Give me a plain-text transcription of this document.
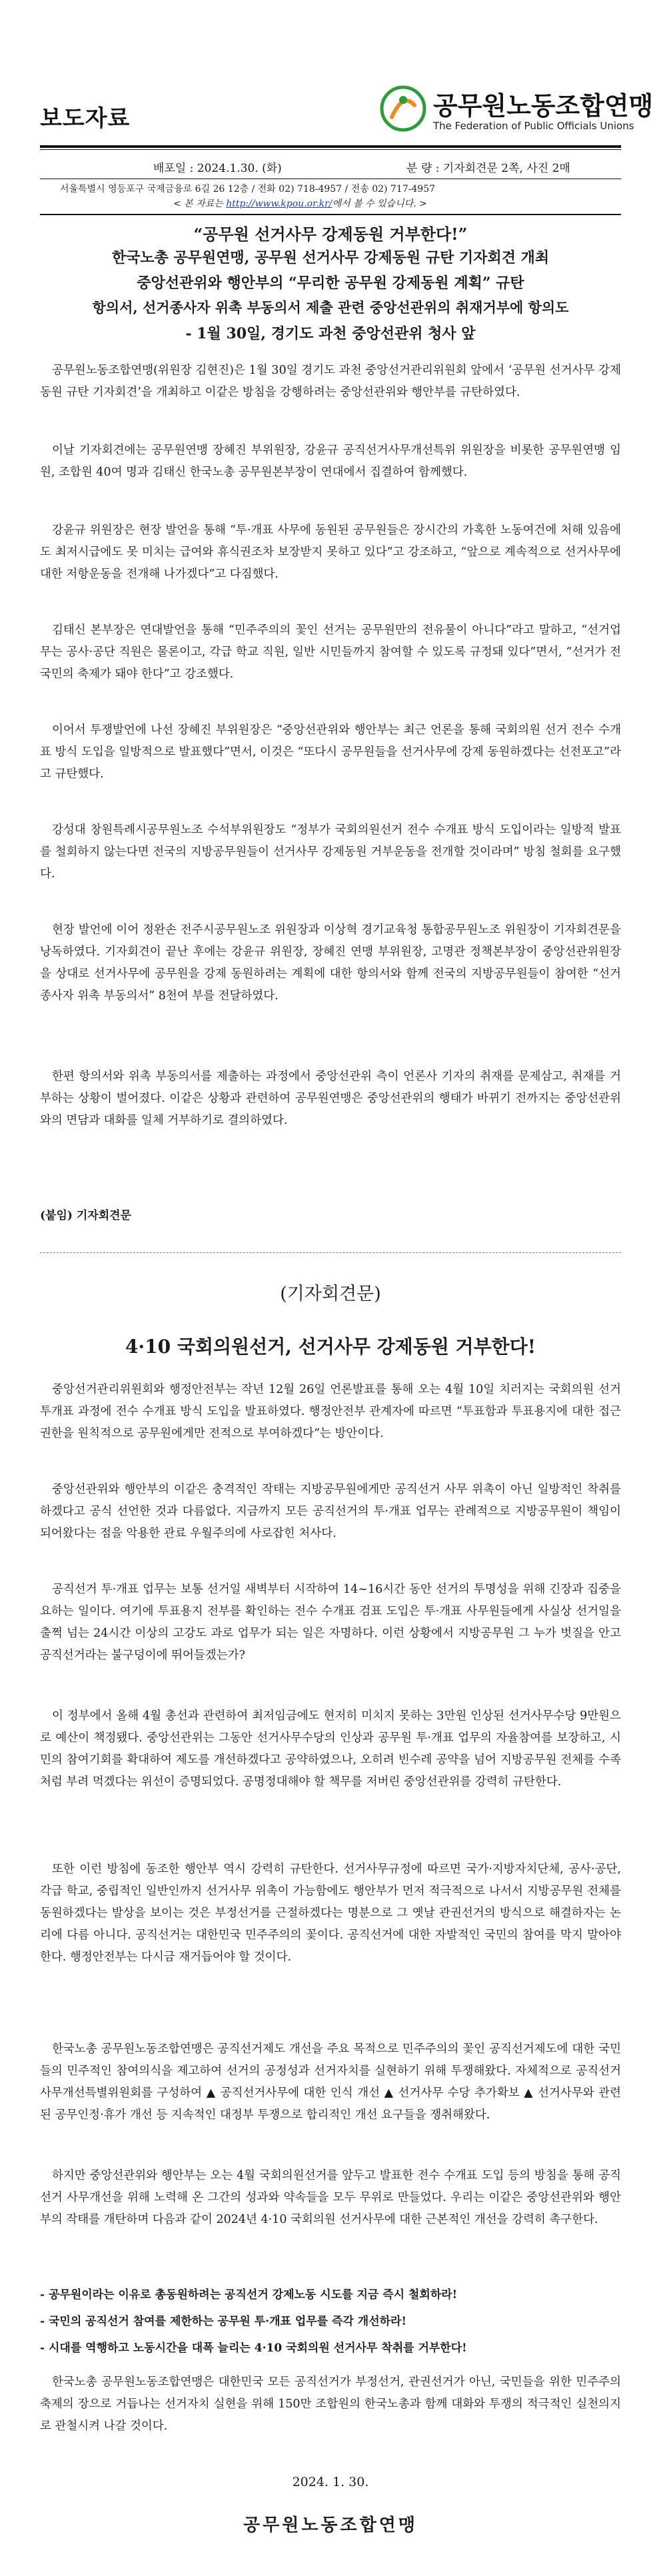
보도자료	공무원노동조합연맹
The Federation of Public Officials Unions
배포일 : 2024.1.30. (화)	분 량 : 기자회견문 2쪽, 사진 2매
서울특별시 영등포구 국제금융로 6길 26 12층 / 전화 02) 718-4957 / 전송 02) 717-4957
< 본 자료는 http://www.kpou.or.kr/에서 볼 수 있습니다. >
“공무원 선거사무 강제동원 거부한다!”
한국노총 공무원연맹, 공무원 선거사무 강제동원 규탄 기자회견 개최
중앙선관위와 행안부의 “무리한 공무원 강제동원 계획” 규탄
항의서, 선거종사자 위촉 부동의서 제출 관련 중앙선관위의 취재거부에 항의도
- 1월 30일, 경기도 과천 중앙선관위 청사 앞

공무원노동조합연맹(위원장 김현진)은 1월 30일 경기도 과천 중앙선거관리위원회 앞에서 ‘공무원 선거사무 강제동원 규탄 기자회견’을 개최하고 이같은 방침을 강행하려는 중앙선관위와 행안부를 규탄하였다.

이날 기자회견에는 공무원연맹 장혜진 부위원장, 강윤규 공직선거사무개선특위 위원장을 비롯한 공무원연맹 임원, 조합원 40여 명과 김태신 한국노총 공무원본부장이 연대에서 집결하여 함께했다.

강윤규 위원장은 현장 발언을 통해 “투·개표 사무에 동원된 공무원들은 장시간의 가혹한 노동여건에 처해 있음에도 최저시급에도 못 미치는 급여와 휴식권조차 보장받지 못하고 있다”고 강조하고, “앞으로 계속적으로 선거사무에 대한 저항운동을 전개해 나가겠다”고 다짐했다.

김태신 본부장은 연대발언을 통해 “민주주의의 꽃인 선거는 공무원만의 전유물이 아니다”라고 말하고, “선거업무는 공사·공단 직원은 물론이고, 각급 학교 직원, 일반 시민들까지 참여할 수 있도록 규정돼 있다”면서, “선거가 전 국민의 축제가 돼야 한다”고 강조했다.

이어서 투쟁발언에 나선 장혜진 부위원장은 “중앙선관위와 행안부는 최근 언론을 통해 국회의원 선거 전수 수개표 방식 도입을 일방적으로 발표했다”면서, 이것은 “또다시 공무원들을 선거사무에 강제 동원하겠다는 선전포고”라고 규탄했다.

강성대 창원특례시공무원노조 수석부위원장도 “정부가 국회의원선거 전수 수개표 방식 도입이라는 일방적 발표를 철회하지 않는다면 전국의 지방공무원들이 선거사무 강제동원 거부운동을 전개할 것이라며” 방침 철회를 요구했다.

현장 발언에 이어 정완손 전주시공무원노조 위원장과 이상혁 경기교육청 통합공무원노조 위원장이 기자회견문을 낭독하였다. 기자회견이 끝난 후에는 강윤규 위원장, 장혜진 연맹 부위원장, 고명관 정책본부장이 중앙선관위원장을 상대로 선거사무에 공무원을 강제 동원하려는 계획에 대한 항의서와 함께 전국의 지방공무원들이 참여한 “선거종사자 위촉 부동의서” 8천여 부를 전달하였다.

한편 항의서와 위촉 부동의서를 제출하는 과정에서 중앙선관위 측이 언론사 기자의 취재를 문제삼고, 취재를 거부하는 상황이 벌어졌다. 이같은 상황과 관련하여 공무원연맹은 중앙선관위의 행태가 바뀌기 전까지는 중앙선관위와의 면담과 대화를 일체 거부하기로 결의하였다.

(붙임) 기자회견문
(기자회견문)
4·10 국회의원선거, 선거사무 강제동원 거부한다!

중앙선거관리위원회와 행정안전부는 작년 12월 26일 언론발표를 통해 오는 4월 10일 치러지는 국회의원 선거 투개표 과정에 전수 수개표 방식 도입을 발표하였다. 행정안전부 관계자에 따르면 “투표함과 투표용지에 대한 접근 권한을 원칙적으로 공무원에게만 전적으로 부여하겠다”는 방안이다.

중앙선관위와 행안부의 이같은 충격적인 작태는 지방공무원에게만 공직선거 사무 위촉이 아닌 일방적인 착취를 하겠다고 공식 선언한 것과 다름없다. 지금까지 모든 공직선거의 투·개표 업무는 관례적으로 지방공무원이 책임이 되어왔다는 점을 악용한 관료 우월주의에 사로잡힌 처사다.

공직선거 투·개표 업무는 보통 선거일 새벽부터 시작하여 14~16시간 동안 선거의 투명성을 위해 긴장과 집중을 요하는 일이다. 여기에 투표용지 전부를 확인하는 전수 수개표 검표 도입은 투·개표 사무원들에게 사실상 선거일을 출쩍 넘는 24시간 이상의 고강도 과로 업무가 되는 일은 자명하다. 이런 상황에서 지방공무원 그 누가 벗질을 안고 공직선거라는 불구덩이에 뛰어들겠는가?

이 정부에서 올해 4월 총선과 관련하여 최저임금에도 현저히 미치지 못하는 3만원 인상된 선거사무수당 9만원으로 예산이 책정됐다. 중앙선관위는 그동안 선거사무수당의 인상과 공무원 투·개표 업무의 자율참여를 보장하고, 시민의 참여기회를 확대하여 제도를 개선하겠다고 공약하였으나, 오히려 빈수레 공약을 넘어 지방공무원 전체를 수족처럼 부려 먹겠다는 위선이 증명되었다. 공명정대해야 할 책무를 저버린 중앙선관위를 강력히 규탄한다.

또한 이런 방침에 동조한 행안부 역시 강력히 규탄한다. 선거사무규정에 따르면 국가·지방자치단체, 공사·공단, 각급 학교, 중립적인 일반인까지 선거사무 위촉이 가능함에도 행안부가 먼저 적극적으로 나서서 지방공무원 전체를 동원하겠다는 발상을 보이는 것은 부정선거를 근절하겠다는 명분으로 그 옛날 관권선거의 방식으로 해결하자는 논리에 다름 아니다. 공직선거는 대한민국 민주주의의 꽃이다. 공직선거에 대한 자발적인 국민의 참여를 막지 말아야 한다. 행정안전부는 다시금 재거듭어야 할 것이다.

한국노총 공무원노동조합연맹은 공직선거제도 개선을 주요 목적으로 민주주의의 꽃인 공직선거제도에 대한 국민들의 민주적인 참여의식을 제고하여 선거의 공정성과 선거자치를 실현하기 위해 투쟁해왔다. 자체적으로 공직선거사무개선특별위원회를 구성하여 ▲ 공직선거사무에 대한 인식 개선 ▲ 선거사무 수당 추가확보 ▲ 선거사무와 관련된 공무인정·휴가 개선 등 지속적인 대정부 투쟁으로 합리적인 개선 요구들을 쟁취해왔다.

하지만 중앙선관위와 행안부는 오는 4월 국회의원선거를 앞두고 발표한 전수 수개표 도입 등의 방침을 통해 공직선거 사무개선을 위해 노력해 온 그간의 성과와 약속들을 모두 무위로 만들었다. 우리는 이같은 중앙선관위와 행안부의 작태를 개탄하며 다음과 같이 2024년 4·10 국회의원 선거사무에 대한 근본적인 개선을 강력히 촉구한다.

- 공무원이라는 이유로 총동원하려는 공직선거 강제노동 시도를 지금 즉시 철회하라!
- 국민의 공직선거 참여를 제한하는 공무원 투·개표 업무를 즉각 개선하라!
- 시대를 역행하고 노동시간을 대폭 늘리는 4·10 국회의원 선거사무 착취를 거부한다!

한국노총 공무원노동조합연맹은 대한민국 모든 공직선거가 부정선거, 관권선거가 아닌, 국민들을 위한 민주주의 축제의 장으로 거듭나는 선거자치 실현을 위해 150만 조합원의 한국노총과 함께 대화와 투쟁의 적극적인 실천의지로 관철시켜 나갈 것이다.

2024. 1. 30.
공무원노동조합연맹
